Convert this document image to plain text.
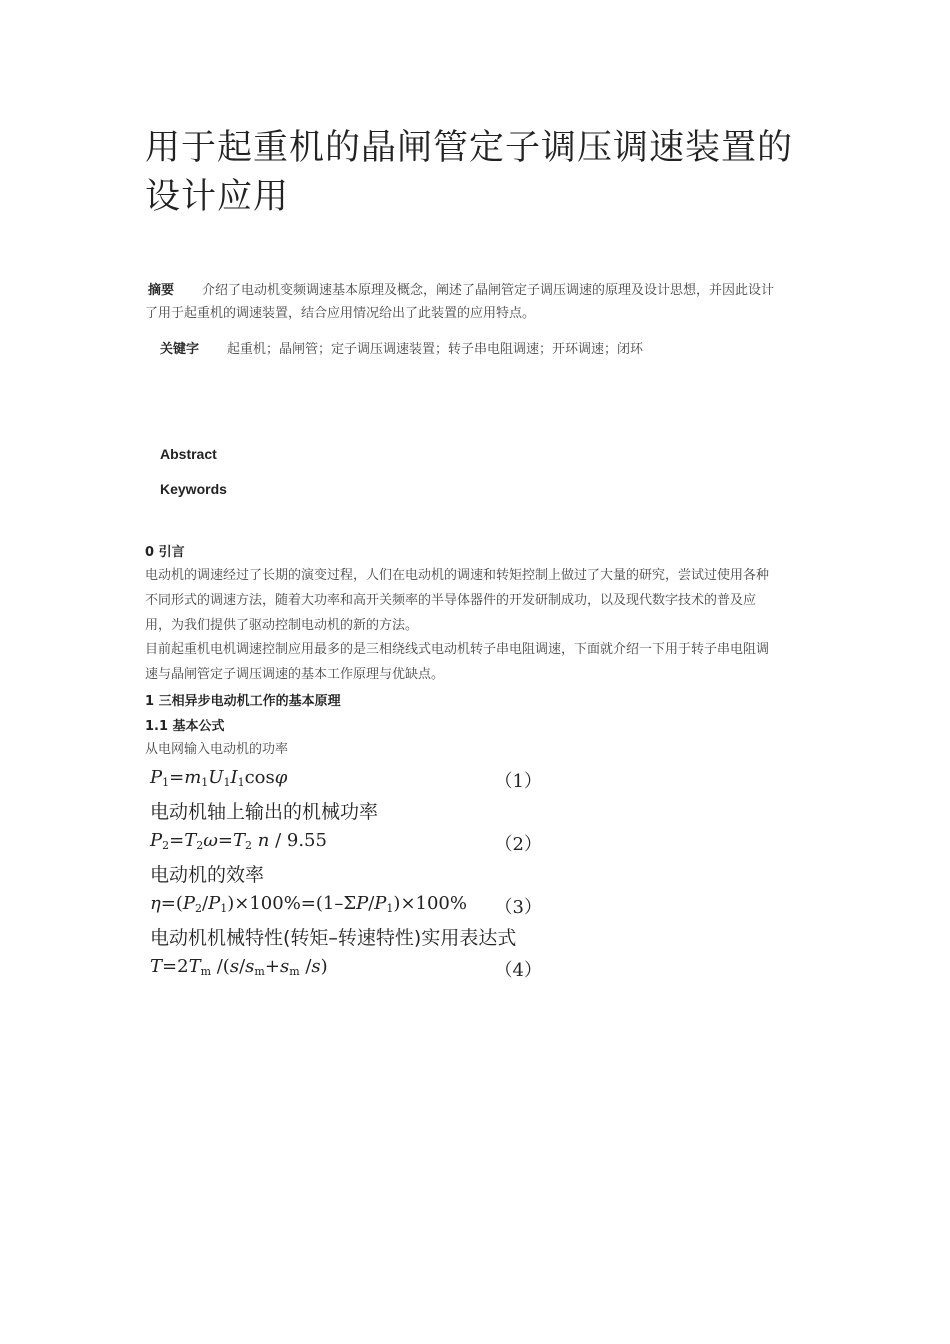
用于起重机的晶闸管定子调压调速装置的设计应用

摘要 介绍了电动机变频调速基本原理及概念，阐述了晶闸管定子调压调速的原理及设计思想，并因此设计了用于起重机的调速装置，结合应用情况给出了此装置的应用特点。

关键字 起重机；晶闸管；定子调压调速装置；转子串电阻调速；开环调速；闭环

Abstract

Keywords

0 引言

电动机的调速经过了长期的演变过程，人们在电动机的调速和转矩控制上做过了大量的研究，尝试过使用各种不同形式的调速方法，随着大功率和高开关频率的半导体器件的开发研制成功，以及现代数字技术的普及应用，为我们提供了驱动控制电动机的新的方法。

目前起重机电机调速控制应用最多的是三相绕线式电动机转子串电阻调速，下面就介绍一下用于转子串电阻调速与晶闸管定子调压调速的基本工作原理与优缺点。

1 三相异步电动机工作的基本原理

1.1 基本公式

从电网输入电动机的功率

$P_1=m_1U_1I_1\cos\varphi$	（1）
电动机轴上输出的机械功率
$P_2=T_2\omega=T_2$ n / 9.55	（2）
电动机的效率
$\eta=(P_2/P_1)\times 100\%=(1-\Sigma P/P_1)\times 100\%$ （3）
电动机机械特性(转矩–转速特性)实用表达式
$T=2T_m$ $/(s/s_m+s_m$ /s)	（4）
